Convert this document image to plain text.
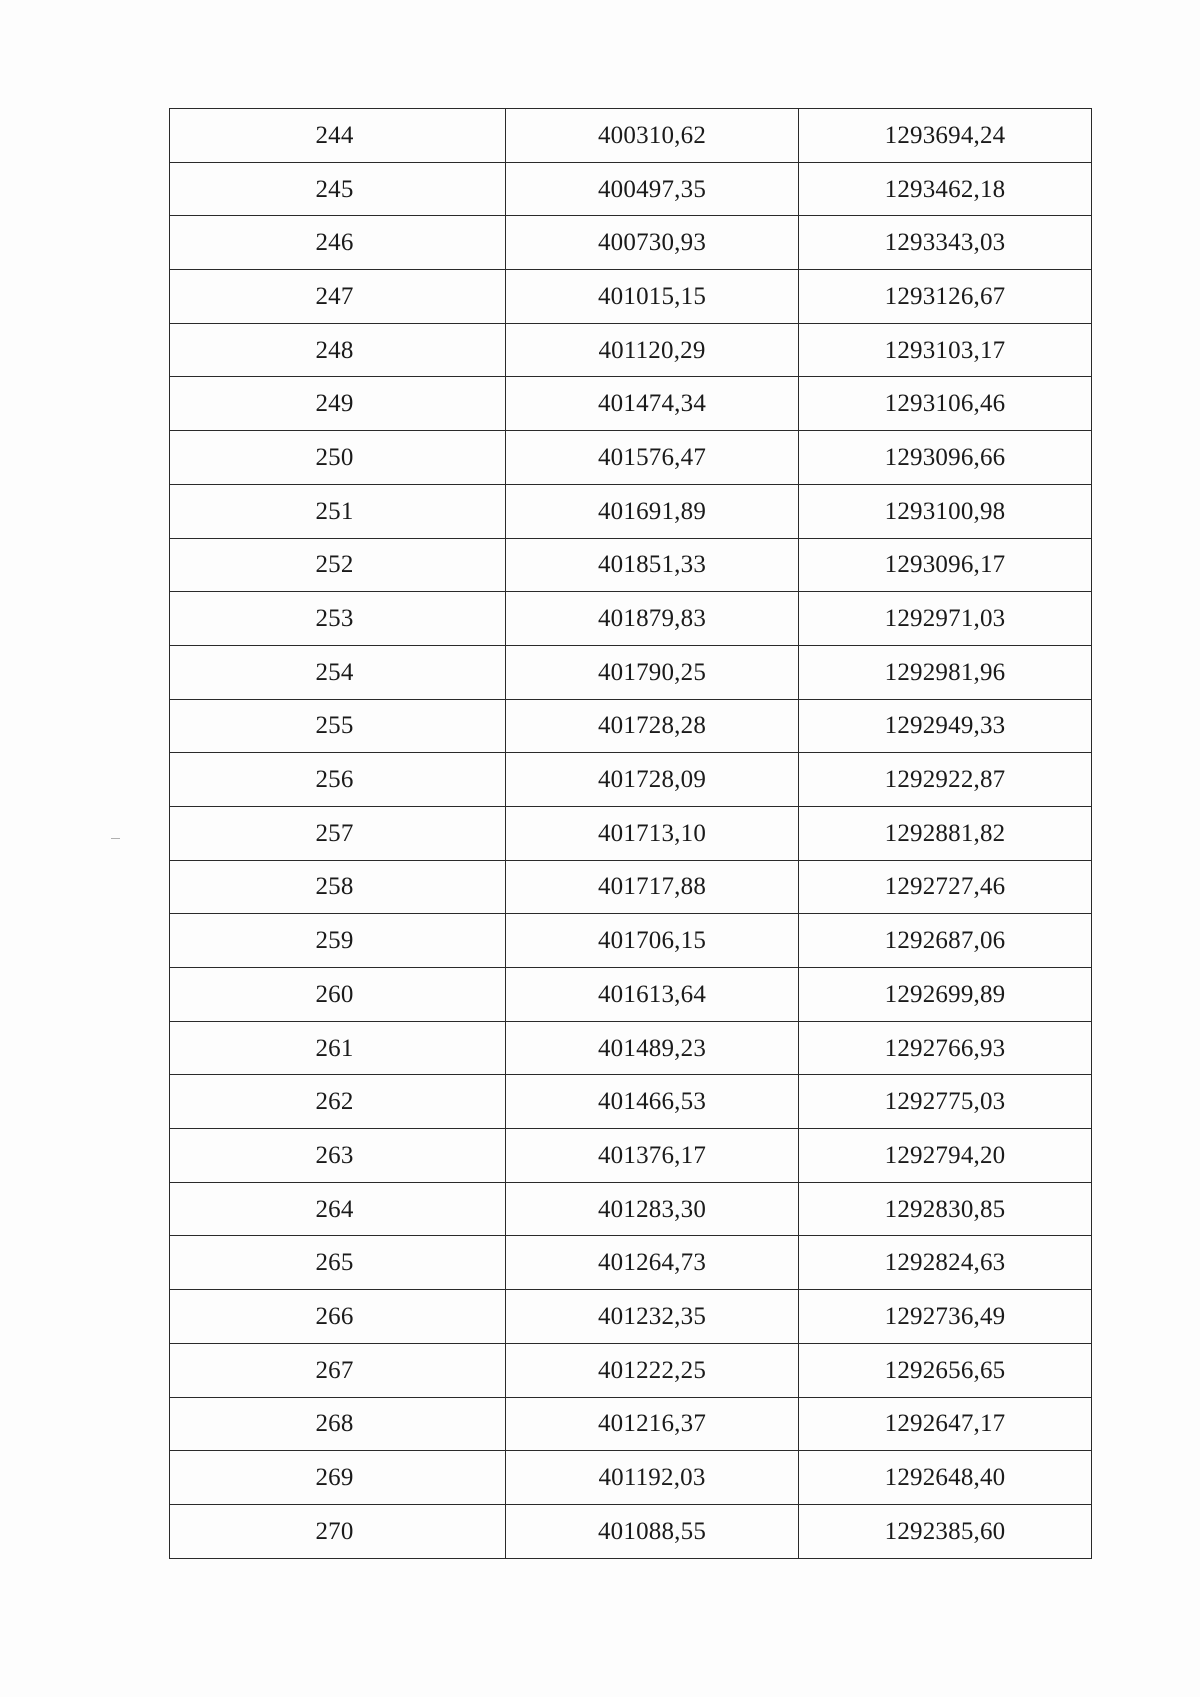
244	400310,62	1293694,24
245	400497,35	1293462,18
246	400730,93	1293343,03
247	401015,15	1293126,67
248	401120,29	1293103,17
249	401474,34	1293106,46
250	401576,47	1293096,66
251	401691,89	1293100,98
252	401851,33	1293096,17
253	401879,83	1292971,03
254	401790,25	1292981,96
255	401728,28	1292949,33
256	401728,09	1292922,87
257	401713,10	1292881,82
258	401717,88	1292727,46
259	401706,15	1292687,06
260	401613,64	1292699,89
261	401489,23	1292766,93
262	401466,53	1292775,03
263	401376,17	1292794,20
264	401283,30	1292830,85
265	401264,73	1292824,63
266	401232,35	1292736,49
267	401222,25	1292656,65
268	401216,37	1292647,17
269	401192,03	1292648,40
270	401088,55	1292385,60
